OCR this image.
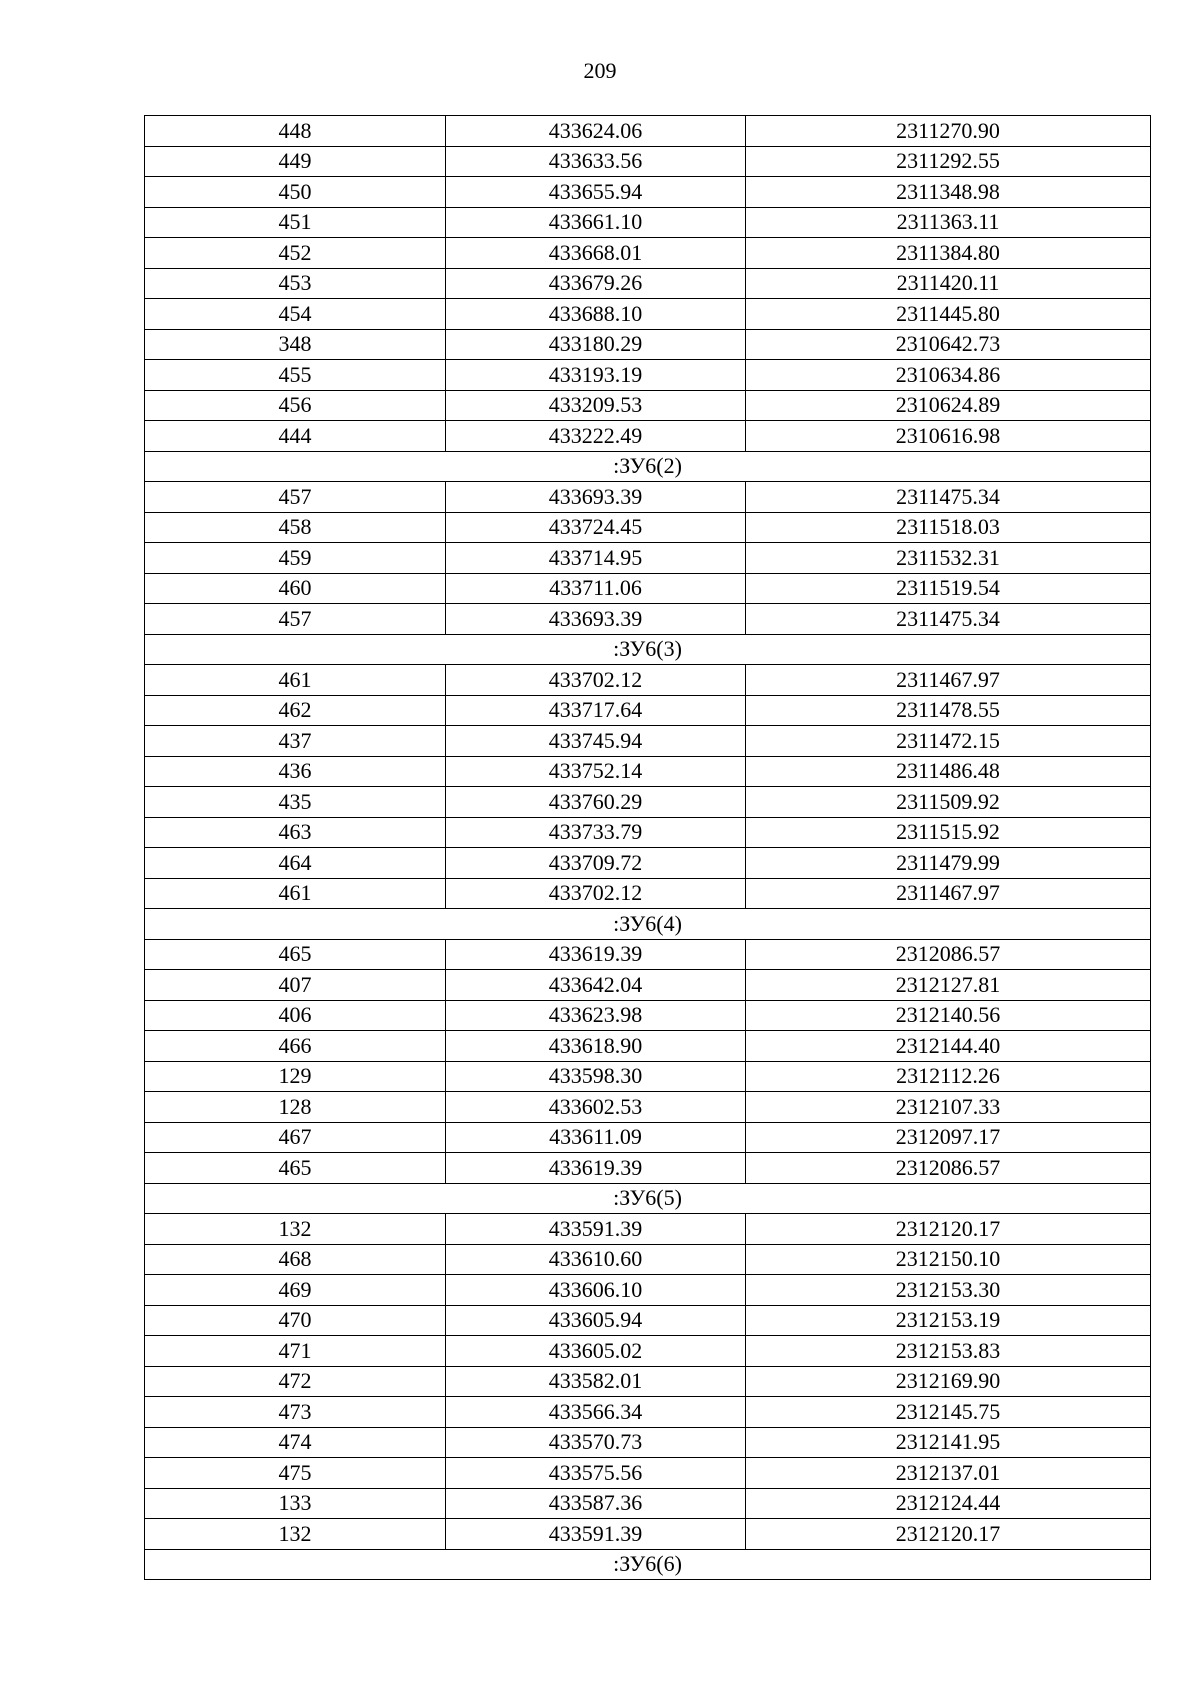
209
448	433624.06	2311270.90
449	433633.56	2311292.55
450	433655.94	2311348.98
451	433661.10	2311363.11
452	433668.01	2311384.80
453	433679.26	2311420.11
454	433688.10	2311445.80
348	433180.29	2310642.73
455	433193.19	2310634.86
456	433209.53	2310624.89
444	433222.49	2310616.98
:ЗУ6(2)		
457	433693.39	2311475.34
458	433724.45	2311518.03
459	433714.95	2311532.31
460	433711.06	2311519.54
457	433693.39	2311475.34
:ЗУ6(3)		
461	433702.12	2311467.97
462	433717.64	2311478.55
437	433745.94	2311472.15
436	433752.14	2311486.48
435	433760.29	2311509.92
463	433733.79	2311515.92
464	433709.72	2311479.99
461	433702.12	2311467.97
:ЗУ6(4)		
465	433619.39	2312086.57
407	433642.04	2312127.81
406	433623.98	2312140.56
466	433618.90	2312144.40
129	433598.30	2312112.26
128	433602.53	2312107.33
467	433611.09	2312097.17
465	433619.39	2312086.57
:ЗУ6(5)		
132	433591.39	2312120.17
468	433610.60	2312150.10
469	433606.10	2312153.30
470	433605.94	2312153.19
471	433605.02	2312153.83
472	433582.01	2312169.90
473	433566.34	2312145.75
474	433570.73	2312141.95
475	433575.56	2312137.01
133	433587.36	2312124.44
132	433591.39	2312120.17
:ЗУ6(6)		
